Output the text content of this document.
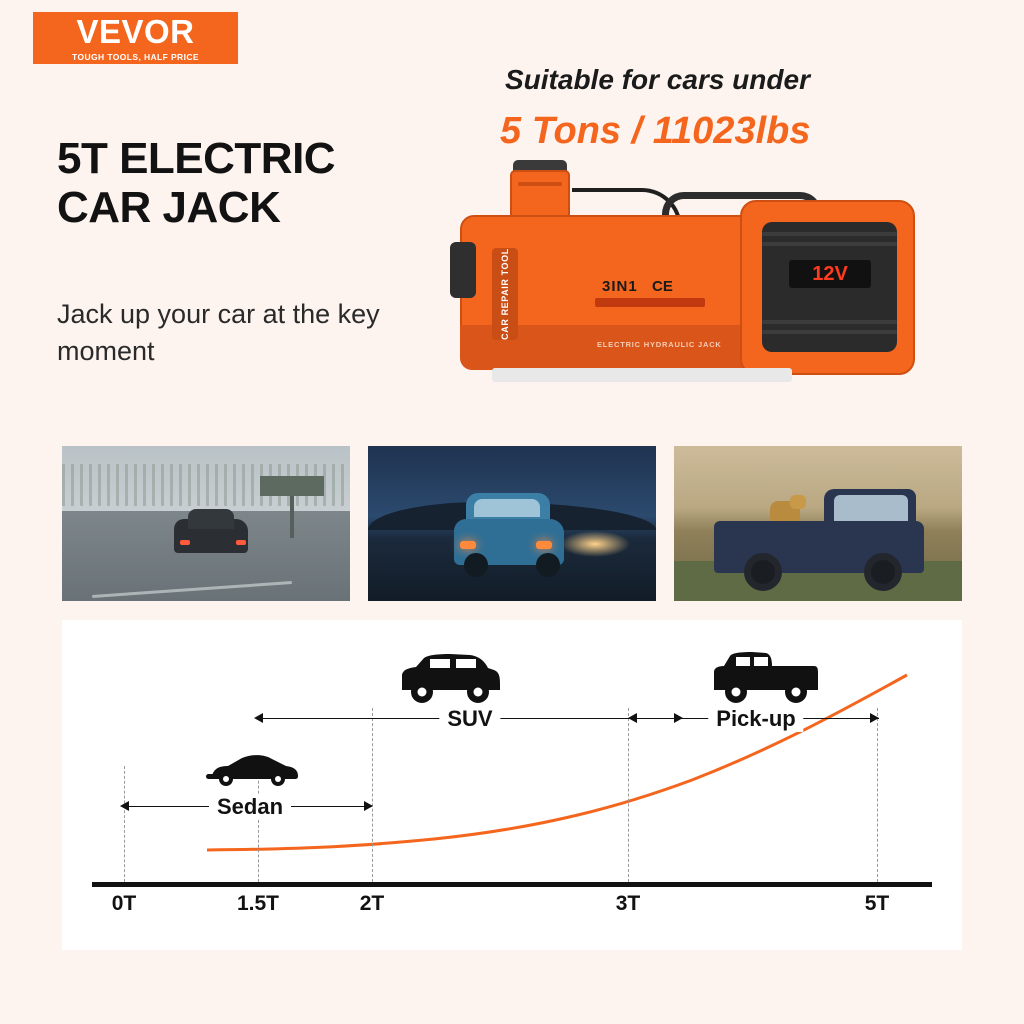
VEVOR
TOUGH TOOLS, HALF PRICE
5T ELECTRIC
CAR JACK
Jack up your car at the key moment
Suitable for cars under
5 Tons / 11023lbs
CAR REPAIR TOOL	3IN1 CE
ELECTRIC HYDRAULIC JACK
12V
SUV	Pick-up
Sedan
0T	1.5T	2T	3T	5T
